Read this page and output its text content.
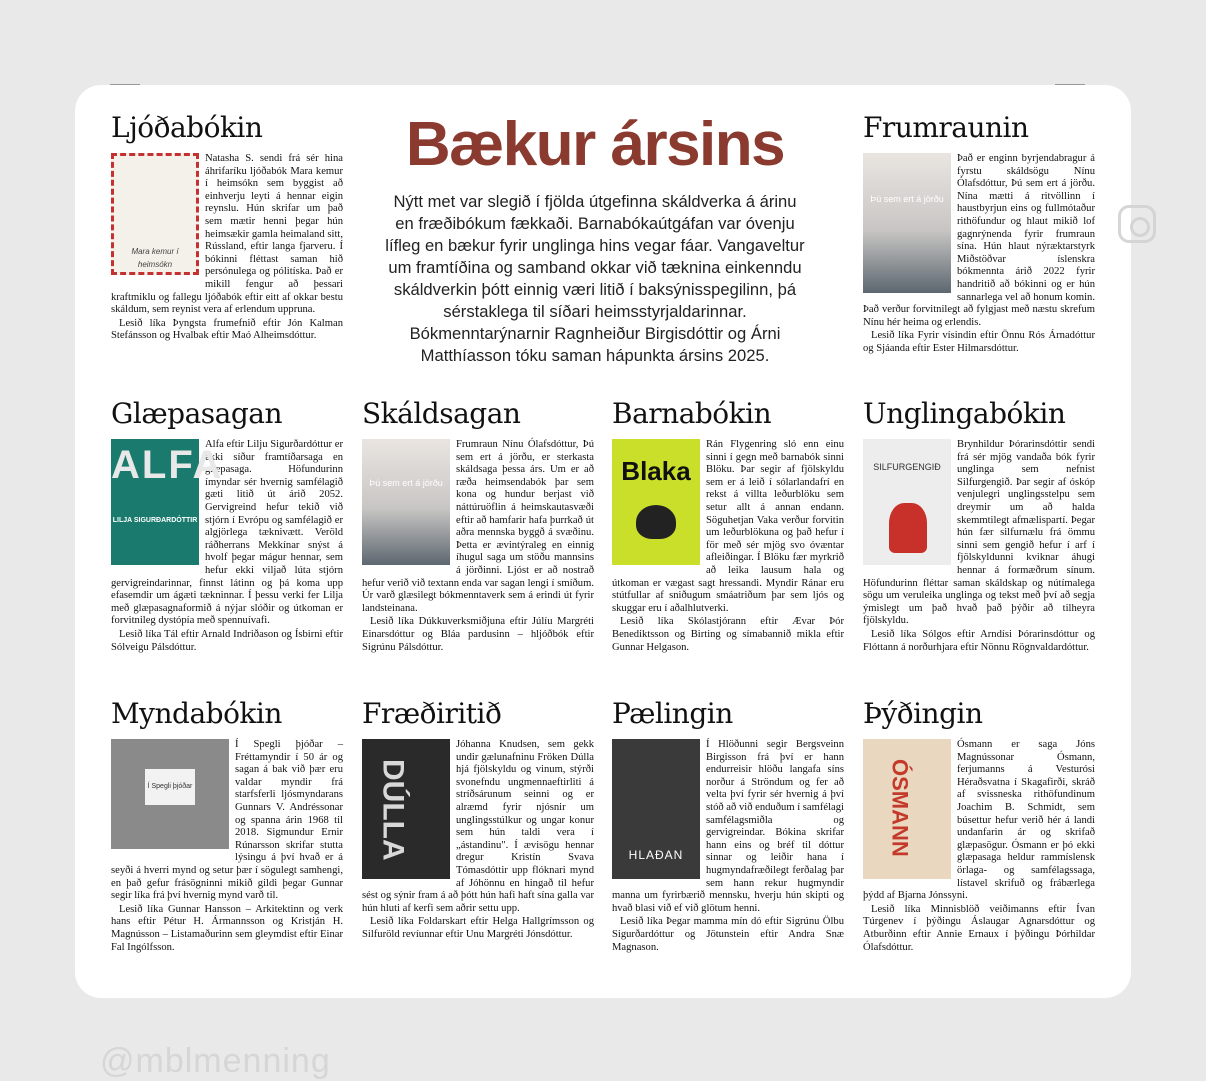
Ljóðabókin
Mara kemur í heimsókn
Natasha S. sendi frá sér hina áhrifaríku ljóðabók Mara kemur í heimsókn sem byggist að einhverju leyti á hennar eigin reynslu. Hún skrifar um það sem mætir henni þegar hún heimsækir gamla heimaland sitt, Rússland, eftir langa fjarveru. Í bókinni fléttast saman hið persónulega og pólitíska. Það er mikill fengur að þessari kraftmiklu og fallegu ljóðabók eftir eitt af okkar bestu skáldum, sem reynist vera af erlendum uppruna.
Lesið líka Þyngsta frumefnið eftir Jón Kalman Stefánsson og Hvalbak eftir Maó Alheimsdóttur.
Bækur ársins
Nýtt met var slegið í fjölda útgefinna skáldverka á árinu en fræðibókum fækkaði. Barnabókaútgáfan var óvenju lífleg en bækur fyrir unglinga hins vegar fáar. Vangaveltur um framtíðina og samband okkar við tæknina einkenndu skáldverkin þótt einnig væri litið í baksýnisspegilinn, þá sérstaklega til síðari heimsstyrjaldarinnar. Bókmenntarýnarnir Ragnheiður Birgisdóttir og Árni Matthíasson tóku saman hápunkta ársins 2025.
Frumraunin
Þú sem ert á jörðu
Það er enginn byrjendabragur á fyrstu skáldsögu Nínu Ólafsdóttur, Þú sem ert á jörðu. Nína mætti á ritvöllinn í haustbyrjun eins og fullmótaður rithöfundur og hlaut mikið lof gagnrýnenda fyrir frumraun sína. Hún hlaut nýræktarstyrk Miðstöðvar íslenskra bókmennta árið 2022 fyrir handritið að bókinni og er hún sannarlega vel að honum komin. Það verður forvitnilegt að fylgjast með næstu skrefum Nínu hér heima og erlendis.
Lesið líka Fyrir vísindin eftir Önnu Rós Árnadóttur og Sjáanda eftir Ester Hilmarsdóttur.
Glæpasagan
ALFA
LILJA SIGURÐARDÓTTIR
Alfa eftir Lilju Sigurðardóttur er ekki síður framtíðarsaga en glæpasaga. Höfundurinn ímyndar sér hvernig samfélagið gæti litið út árið 2052. Gervigreind hefur tekið við stjórn í Evrópu og samfélagið er algjörlega tæknivætt. Veröld ráðherrans Mekkínar snýst á hvolf þegar mágur hennar, sem hefur ekki viljað lúta stjórn gervigreindarinnar, finnst látinn og þá koma upp efasemdir um ágæti tækninnar. Í þessu verki fer Lilja með glæpasagnaformið á nýjar slóðir og útkoman er forvitnileg dystópía með spennuívafi.
Lesið líka Tál eftir Arnald Indriðason og Ísbirni eftir Sólveigu Pálsdóttur.
Skáldsagan
Þú sem ert á jörðu
Frumraun Nínu Ólafsdóttur, Þú sem ert á jörðu, er sterkasta skáldsaga þessa árs. Um er að ræða heimsendabók þar sem kona og hundur berjast við náttúruöflin á heimskautasvæði eftir að hamfarir hafa þurrkað út aðra mennska byggð á svæðinu. Þetta er ævintýraleg en einnig íhugul saga um stöðu mannsins á jörðinni. Ljóst er að nostrað hefur verið við textann enda var sagan lengi í smíðum. Úr varð glæsilegt bókmenntaverk sem á erindi út fyrir landsteinana.
Lesið líka Dúkkuverksmiðjuna eftir Júlíu Margréti Einarsdóttur og Bláa pardusinn – hljóðbók eftir Sigrúnu Pálsdóttur.
Barnabókin
Blaka
Rán Flygenring sló enn einu sinni í gegn með barnabók sinni Blöku. Þar segir af fjölskyldu sem er á leið í sólarlandafrí en rekst á villta leðurblöku sem setur allt á annan endann. Söguhetjan Vaka verður forvitin um leðurblökuna og það hefur í för með sér mjög svo óvæntar afleiðingar. Í Blöku fær myrkrið að leika lausum hala og útkoman er vægast sagt hressandi. Myndir Ránar eru stútfullar af sniðugum smáatriðum þar sem ljós og skuggar eru í aðalhlutverki.
Lesið líka Skólastjórann eftir Ævar Þór Benediktsson og Birting og símabannið mikla eftir Gunnar Helgason.
Unglingabókin
SILFURGENGIÐ
Brynhildur Þórarinsdóttir sendi frá sér mjög vandaða bók fyrir unglinga sem nefnist Silfurgengið. Þar segir af óskóp venjulegri unglingsstelpu sem dreymir um að halda skemmtilegt afmælispartí. Þegar hún fær silfurnælu frá ömmu sinni sem gengið hefur í arf í fjölskyldunni kviknar áhugi hennar á formæðrum sínum. Höfundurinn fléttar saman skáldskap og nútímalega sögu um veruleika unglinga og tekst með því að segja ýmislegt um það hvað það þýðir að tilheyra fjölskyldu.
Lesið líka Sólgos eftir Arndísi Þórarinsdóttur og Flóttann á norðurhjara eftir Nönnu Rögnvaldardóttur.
Myndabókin
Í Spegli þjóðar
Í Spegli þjóðar – Fréttamyndir í 50 ár og sagan á bak við þær eru valdar myndir frá starfsferli ljósmyndarans Gunnars V. Andréssonar og spanna árin 1968 til 2018. Sigmundur Ernir Rúnarsson skrifar stutta lýsingu á því hvað er á seyði á hverri mynd og setur þær í sögulegt samhengi, en það gefur frásögninni mikið gildi þegar Gunnar segir líka frá því hvernig mynd varð til.
Lesið líka Gunnar Hansson – Arkitektinn og verk hans eftir Pétur H. Ármannsson og Kristján H. Magnússon – Listamaðurinn sem gleymdist eftir Einar Fal Ingólfsson.
Fræðiritið
DÚLLA
Jóhanna Knudsen, sem gekk undir gælunafninu Fröken Dúlla hjá fjölskyldu og vinum, stýrði svonefndu ungmennaeftirliti á stríðsárunum seinni og er alræmd fyrir njósnir um unglingsstúlkur og ungar konur sem hún taldi vera í „ástandinu". Í ævisögu hennar dregur Kristín Svava Tómasdóttir upp flóknari mynd af Jóhönnu en hingað til hefur sést og sýnir fram á að þótt hún hafi haft sína galla var hún hluti af kerfi sem aðrir settu upp.
Lesið líka Foldarskart eftir Helga Hallgrímsson og Silfuröld revíunnar eftir Unu Margréti Jónsdóttur.
Pælingin
HLAÐAN
Í Hlöðunni segir Bergsveinn Birgisson frá því er hann endurreisir hlöðu langafa síns norður á Ströndum og fer að velta því fyrir sér hvernig á því stóð að við enduðum í samfélagi samfélagsmiðla og gervigreindar. Bókina skrifar hann eins og bréf til dóttur sinnar og leiðir hana í hugmyndafræðilegt ferðalag þar sem hann rekur hugmyndir manna um fyrirbærið mennsku, hverju hún skipti og hvað blasi við ef við glötum henni.
Lesið líka Þegar mamma mín dó eftir Sigrúnu Ölbu Sigurðardóttur og Jötunstein eftir Andra Snæ Magnason.
Þýðingin
ÓSMANN
Ósmann er saga Jóns Magnússonar Ósmann, ferjumanns á Vesturósi Héraðsvatna í Skagafirði, skráð af svissneska rithöfundinum Joachim B. Schmidt, sem búsettur hefur verið hér á landi undanfarin ár og skrifað glæpasögur. Ósmann er þó ekki glæpasaga heldur rammíslensk örlaga- og samfélagssaga, lístavel skrifuð og frábærlega þýdd af Bjarna Jónssyni.
Lesið líka Minnisblöð veiðimanns eftir Ívan Túrgenev í þýðingu Áslaugar Agnarsdóttur og Atburðinn eftir Annie Ernaux í þýðingu Þórhildar Ólafsdóttur.
@mblmenning
